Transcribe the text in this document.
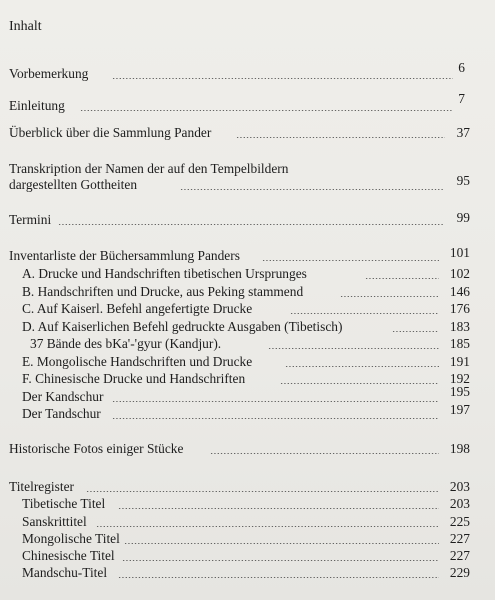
Inhalt
Vorbemerkung	6
Einleitung	7
Überblick über die Sammlung Pander	37
Transkription der Namen der auf den Tempelbildern
dargestellten Gottheiten	95
Termini	99
Inventarliste der Büchersammlung Panders	101
A. Drucke und Handschriften tibetischen Ursprunges	102
B. Handschriften und Drucke, aus Peking stammend	146
C. Auf Kaiserl. Befehl angefertigte Drucke	176
D. Auf Kaiserlichen Befehl gedruckte Ausgaben (Tibetisch)	183
37 Bände des bKa'-'gyur (Kandjur).	185
E. Mongolische Handschriften und Drucke	191
F. Chinesische Drucke und Handschriften	192
Der Kandschur	195
Der Tandschur	197
Historische Fotos einiger Stücke	198
Titelregister	203
Tibetische Titel	203
Sanskrittitel	225
Mongolische Titel	227
Chinesische Titel	227
Mandschu-Titel	229
